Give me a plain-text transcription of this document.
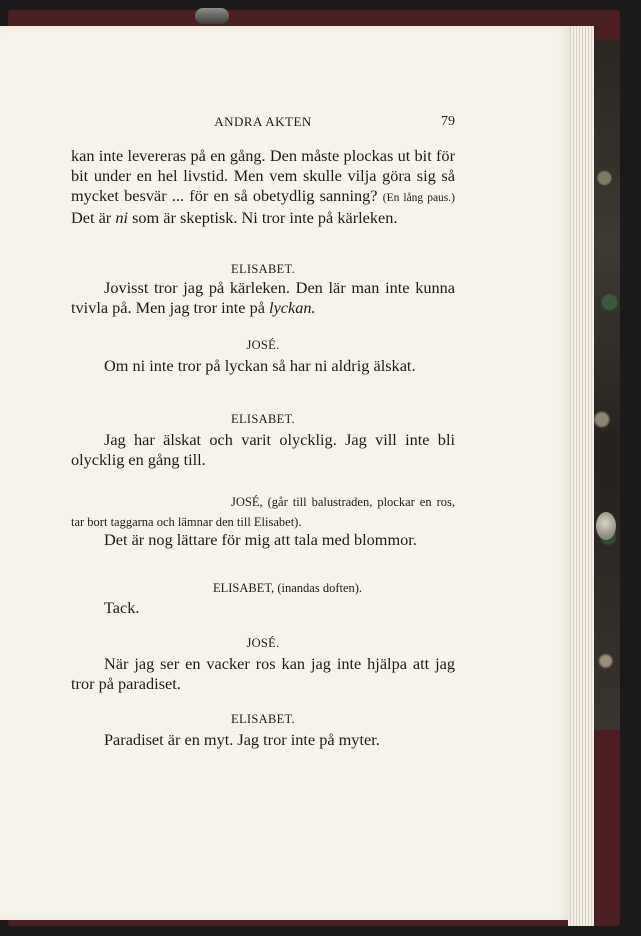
ANDRA AKTEN	79
kan inte levereras på en gång. Den måste plockas ut bit för bit under en hel livstid. Men vem skulle vilja göra sig så mycket besvär ... för en så obetydlig sanning? (En lång paus.) Det är ni som är skeptisk. Ni tror inte på kärleken.
ELISABET.
Jovisst tror jag på kärleken. Den lär man inte kunna tvivla på. Men jag tror inte på lyckan.
JOSÉ.
Om ni inte tror på lyckan så har ni aldrig älskat.
ELISABET.
Jag har älskat och varit olycklig. Jag vill inte bli olycklig en gång till.
JOSÉ, (går till balustraden, plockar en ros, tar bort taggarna och lämnar den till Elisabet).
Det är nog lättare för mig att tala med blommor.
ELISABET, (inandas doften).
Tack.
JOSÉ.
När jag ser en vacker ros kan jag inte hjälpa att jag tror på paradiset.
ELISABET.
Paradiset är en myt. Jag tror inte på myter.
